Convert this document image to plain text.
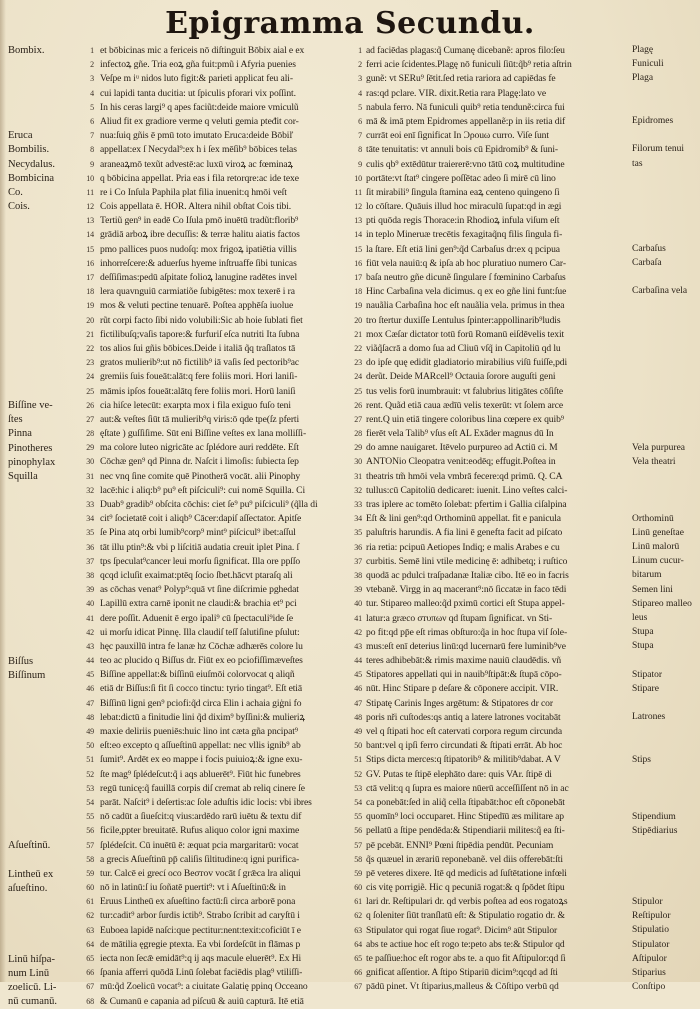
Epigramma Secundu.
1 et bōbicinas mic a fericeis nō diſtinguit Bōbix aial e ex
2 infectoꝝ gñe. Tria eoꝝ gña fuit:pmũ i Afyria puenies
3 Veſpe m iᵘ nidos luto figit:& parieti applicat feu ali-
4 cui lapidi tanta ducitia: ut ſpiculis pforari vix poſſint.
5 In his ceras largi⁹ q apes faciũt:deide maiore vmiculũ
6 Aliud fit ex gradiore verme q veluti gemia pteđit cor-
7 nua:ſuiq gñis ē pmū toto imutato Eruca:deide Bōbiľ
8 appellat:ex ſ Necydal⁹:ex h i ſex mēſib⁹ bōbices telas
9 araneaꝝmō texũt advestē:ac luxū viroꝝ ac fœminaꝝ
10 q bōbicina appellat. Pria eas i fila retorqre:ac ide texe
11 re i Co Inſula Paphila plat filia inuenit:q hmōi veſt
12 Cois appellata ē. HOR. Altera nihil obſtat Cois tibi.
13 Tertiũ gen⁹ in eadē Co Iſula pmō inuētū tradũt:florib⁹
14 grādiā arboꝝ ibre decuſſis: & terræ halitu aiatis factos
15 pmo pallices puos nudoſq: mox frigoꝝ ipatiētia villis
16 inhorreſcere:& aduerſus hyeme inſtruaffe ſibi tunicas
17 deſſiſimas:pedū aſpitate folioꝝ lanugine radētes invel
18 lera quavnguiū carmiatiõe ſubigētes: mox texerē i ra
19 mos & veluti pectine tenuarē. Poſtea apphēſa iuolue
20 rũt corpi facto ſibi nido volubili:Sic ab hoie ſublati fiet
21 fictilibuſq;vaſis tapore:& furfuriſ eſca nutriti Ita ſubna
22 tos alios ſui gñis bōbices.Deide i italiā q̃q traſlatos tā
23 gratos mulierib⁹:ut nō fictilib⁹ iā vaſis ſed pectorib⁹ac
24 gremiis ſuis foueāt:alāt:q fere foliis mori. Hori laniſi-
25 māmis ipſos foueāt:alātq fere foliis mori. Horū laniſi
26 cia hiſce letecūt: exarpta mox i fila exiguo fuſo teni
27 aut:& veſtes ſiūt tā mulierib⁹q viris:ō qde tpe(ſz pferti
28 ęſtate ) guſſiſime. Sūt eni Biſſine veſtes ex lana molliſſi-
29 ma colore luteo nigricāte ac ſplédore auri reddēte. Eſt
30 Cōchæ gen⁹ qd Pinna dr. Naſcit i limoſis: ſubiecta ſep
31 nec vnq ſine comite quē Pinotherā vocāt. alii Pinophy
32 lacē:hic i aliq:b⁹ pu⁹ eſt piſciculi⁹: cui nomē Squilla. Ci
33 Duab⁹ gradib⁹ obſcita cōchis: ciet ſe⁹ pu⁹ piſciculi⁹ (q̃lla di
34 cit⁹ ſocietatē coit i aliqb⁹ Cācer:dapiſ aſſectator. Apitſe
35 ſe Pina atq orbi lumib⁹corp⁹ mint⁹ piſcicul⁹ ibet:aſſul
36 tāt illu ptin⁹:& vbi p liſcitiā audatia creuit iplet Pina. ſ
37 tps ſpeculat⁹cancer leui morſu ſignificat. Illa ore ppſſo
38 qcqd icluſit exaimat:ptēq ſocio ſbet.hācvt ptaraſq ali
39 as cōchas venat⁹ Polyp⁹:quā vt ſine diſcrimie pghedat
40 Lapillū extra carnē iponit ne claudi:& brachia et⁹ pci
41 dere poſſit. Aduenit ē ergo ipali⁹ cū ſpectaculi⁹ide ſe
42 ui morſu idicat Pinnę. Illa claudiſ teſſ ſalutiſine pſulut:
43 hęc pauxillū intra fe lanæ hz Cōchæ adhærēs colore lu
44 teo ac plucido q Biſſus dr. Fiūt ex eo pciofiſſimæveſtes
45 Biſſine appellat:& biſſinū eiuſmōi colorvocat q aliqñ
46 etiā dr Biſſus:ſi fit ſi cocco tinctu: tyrio tingat⁹. Eſt etiā
47 Biſſinū ligni gen⁹ pciofi:q̃d circa Elin i achaia giġni fo
48 lebat:dictū a finitudie lini q̃d dixim⁹ byſſini:& mulieriꝝ
49 maxie deliriis pueniēs:huic lino int cæta gña pncipat⁹
50 eſt:eo excepto q aſſueſtinū appellat: nec vllis ignib⁹ ab
51 ſumit⁹. Ardēt ex eo mappe i focis puiuioꝝ:& igne exu-
52 ſte mag⁹ ſplédeſcut:q̃ i aqs abluerēt⁹. Fiūt hic funebres
53 regū tunicę:q̃ fauillā corpis diſ cremat ab reliq cinere ſe
54 parāt. Naſcit⁹ i deſertis:ac ſole aduſtis idic locis: vbi ibres
55 nō cadūt a ſiueſcit:q vius:ardēdo rarū iuētu & textu dif
56 ficile,ppter breuitatē. Rufus aliquo color igni maxime
57 ſplédeſcit. Cū inuētū ē: æquat pcia margaritarū: vocat
58 a grecis Aſueſtinū pp̄ caliſis ſiltitudine:q igni purifica-
59 tur. Calcē ei grecí oco Beσтov vocāt ſ grǣca lra aliqui
60 nō in latinū:ſ iu ſoñatē puertit⁹: vt i Aſueſtinū:& in
61 Eruus Lintheū ex aſueſtino factū:ſi circa arborē pona
62 tur:cadit⁹ arbor ſurdis ictib⁹. Strabo ſcribit ad caryſtū i
63 Euboea lapidē naſci:que pectitur:nent:texit:coficiūt ī e
64 de mātilia ęgregie ptexta. Ea vbi ſordeſcūt in flāmas p
65 iecta non ſecǣ emidāt⁹:q ij aqs macule eluerēt⁹. Ex Hi
66 ſpania afferri quōdā Linū ſolebat faciēdis plag⁹ vtiliſſi-
67 mū:q̃d Zoelicū vocat⁹: a ciuitate Galatię ppinq Occeano
68 & Cumanū e capania ad piſcuū & auiū capturā. Itē etiā
1 ad faciēdas plagas:q̃ Cumanę dicebanẽ: apros filo:ſeu
2 ferri acie ſcidentes.Plagę nō funiculi ſiūt:q̃b⁹ retia aſtrin
3 gunẽ: vt SERu⁹ ſētit.ſed retia rariora ad capiēdas fe
4 ras:qd pclare. VIR. dixit.Retia rara Plagę:lato ve
5 nabula ferro. Nā funiculi quib⁹ retia tendunẽ:circa fui
6 mā & imā ptem Epidromes appellanẽ:p in iis retia dif
7 currāt eoi enī ſignificat In Ͻρouω curro. Viſe ſunt
8 tāte tenuitatis: vt annuli bois cū Epidromib⁹ & ſuni-
9 culis qb⁹ extēdūtur traiererē:vno tātū coꝝ multitudine
10 portāte:vt ſtat⁹ cingere poſſētac adeo ſi mirē cū lino
11 ſit mirabili⁹ ſingula ſtamina eaꝝ centeno quingeno ſi
12 lo cōſtare. Quāuis illud hoc miraculū ſupat:qd in ægi
13 pti quōda regis Thorace:in Rhodioꝝ infula viſum eſt
14 in teplo Mineruæ trecētis fexagitaq̃nq filis ſingula fi-
15 la ſtare. Eſt etiā lini gen⁹:q̃d Carbaſus dr:ex q pcipua
16 fiūt vela nauiū:q & ipſa ab hoc pluratiuo numero Car-
17 baſa neutro gñe dicunẽ ſingulare ſ fœminino Carbaſus
18 Hinc Carbaſina vela dicimus. q ex eo gñe lini funt:ſue
19 nauãlia Carbaſina hoc eſt nauãlia vela. primus in thea
20 tro ſtertur duxiſſe Lentulus ſpinter:appollinarib⁹ludis
21 mox Cæſar dictator totū forū Romanū eiſdēvelis texit
22 viãq̃ſacrā a domo ſua ad Cliuū vſq̃ in Capitoliū qd lu
23 do ipſe quę edidit gladiatorio mirabilius viſū fuiſſe,pdi
24 derũt. Deide MARcell⁹ Octauia ſorore auguſti geni
25 tus velis forū inumbrauit: vt falubrius litigātes cōſiſte
26 rent. Quãd etiā caua ædīū velis texerūt: vt ſolem arce
27 rent.Q uin etiā tingere coloribus lina cœpere ex quib⁹
28 fierēt vela Talib⁹ vſus eſt AL Exāder magnus dū In
29 do amne nauigaret. Itēvelo purpureo ad Actiū ci. M
30 ANTONio Cleopatra venit:eodēq; effugit.Poſtea in
31 theatris tm̃ hmōi vela vmbrā fecere:qd primū. Q. CA
32 tullus:cū Capitoliū dedicaret: iuenit. Lino veſtes calci-
33 tras iplere ac tomēto ſolebat: pfertim i Gallia ciſalpina
34 Eſt & lini gen⁹:qd Orthominū appellat. fit e panicula
35 paluſtris harundis. A fia lini ē genefta facit ad piſcato
36 ria retia: pcipuū Aetiopes Indiq; e malis Arabes e cu
37 curbitis. Semē lini vtile medicinę ē: adhibetq; i ruſtico
38 quodā ac pdulci traſpadanæ Italiæ cibo. Itē eo in facris
39 vtebanẽ. Virgg in aq macerant⁹:nō ſiccatæ in faco tēdi
40 tur. Stipareo malleo:q̃d pximū cortici eſt Stupa appel-
41 latur:a græco σтυπων qd ſtupam ſignificat. vn Sti-
42 po fit:qd pp̄e eſt rimas obſturo:q̃a in hoc ſtupa viſ ſole-
43 mus:eſt enī deterius linū:qd lucernarū fere luminib⁹ve
44 teres adhibebāt:& rimis maxime nauiū claudēdis. vñ
45 Stipatores appellati qui in nauib⁹ſtipāt:& ſtupā cōpo-
46 nūt. Hinc Stipare p deſare & cōponere accipit. VIR.
47 Stipatę Carinis Inges argētum: & Stipatores dr cor
48 poris nři cuſtodes:qs antiq a latere latrones vocitabāt
49 vel q ſtipati hoc eſt catervati corpora regum circunda
50 bant:vel q ipſi ferro circundati & ſtipati errāt. Ab hoc
51 Stips dicta merces:q ſtipatorib⁹ & militib⁹dabat. A V
52 GV. Putas te ſtipē elephāto dare: quis VAr. ſtipē di
53 ctā velit:q q ſupra es maiore nūerū acceſſiſſent nō in ac
54 ca ponebāt:ſed in aliq̃ cella ſtipabāt:hoc eſt cōponebāt
55 quomīn⁹ loci occuparet. Hinc Stipedīū æs militare ap
56 pellatū a ſtipe pendēda:& Stipendiarii milites:q̃ ea ſti-
57 pē pcebāt. ENNI⁹ Pœni ſtipēdia pendūt. Pecuniam
58 q̃s quæuel in ærariū reponebanẽ. vel diis offerebāt:ſti
59 pē veteres dixere. Itē qd medicis ad ſuſtētatione infœli
60 cis vitę porrigiẽ. Hic q pecuniā rogat:& q ſpōdet ſtipu
61 lari dr. Reſtipulari dr. qd verbis poſtea ad eos rogatoꝝs
62 q ſoleniter ſiūt tranſlatū eſt: & Stipulatio rogatio dr. &
63 Stipulator qui rogat ſiue rogat⁹. Dicim⁹ aūt Stipulor
64 abs te actiue hoc eſt rogo te:peto abs te:& Stipulor qd
65 te paſſiue:hoc eſt rogor abs te. a quo fit Aſtipulor:qd ſi
66 gnificat aſſentior. A ſtipo Stipariū dicim⁹:qcqd ad ſti
67 pādū pinet. Vt ſtiparius,malleus & Cōſtipo verbū qd
Bombix.
Eruca
Bombilis.
Necydalus.
Bombicina
Co.
Cois.
Biſſine ve-
ſtes
Pinna
Pinotheres
pinophylax
Squilla
Biſſus
Biſſinum
Aſueſtinū.
Lintheū ex
aſueſtino.
Linū hiſpa-
num Linū
zoelicū. Li-
nū cumanū.
Plagę
Funiculi
Plaga
Epidromes
Filorum tenui
tas
Carbaſus
Carbaſa
Carbaſina vela
Vela purpurea
Vela theatri
Orthominū
Linū geneſtae
Linū malorū
Linum cucur-
bitarum
Semen lini
Stipareo malleo
leus
Stupa
Stupa
Stipator
Stipare
Latrones
Stips
Stipendium
Stipēdiarius
Stipulor
Reſtipulor
Stipulatio
Stipulator
Aſtipulor
Stiparius
Conſtipo
